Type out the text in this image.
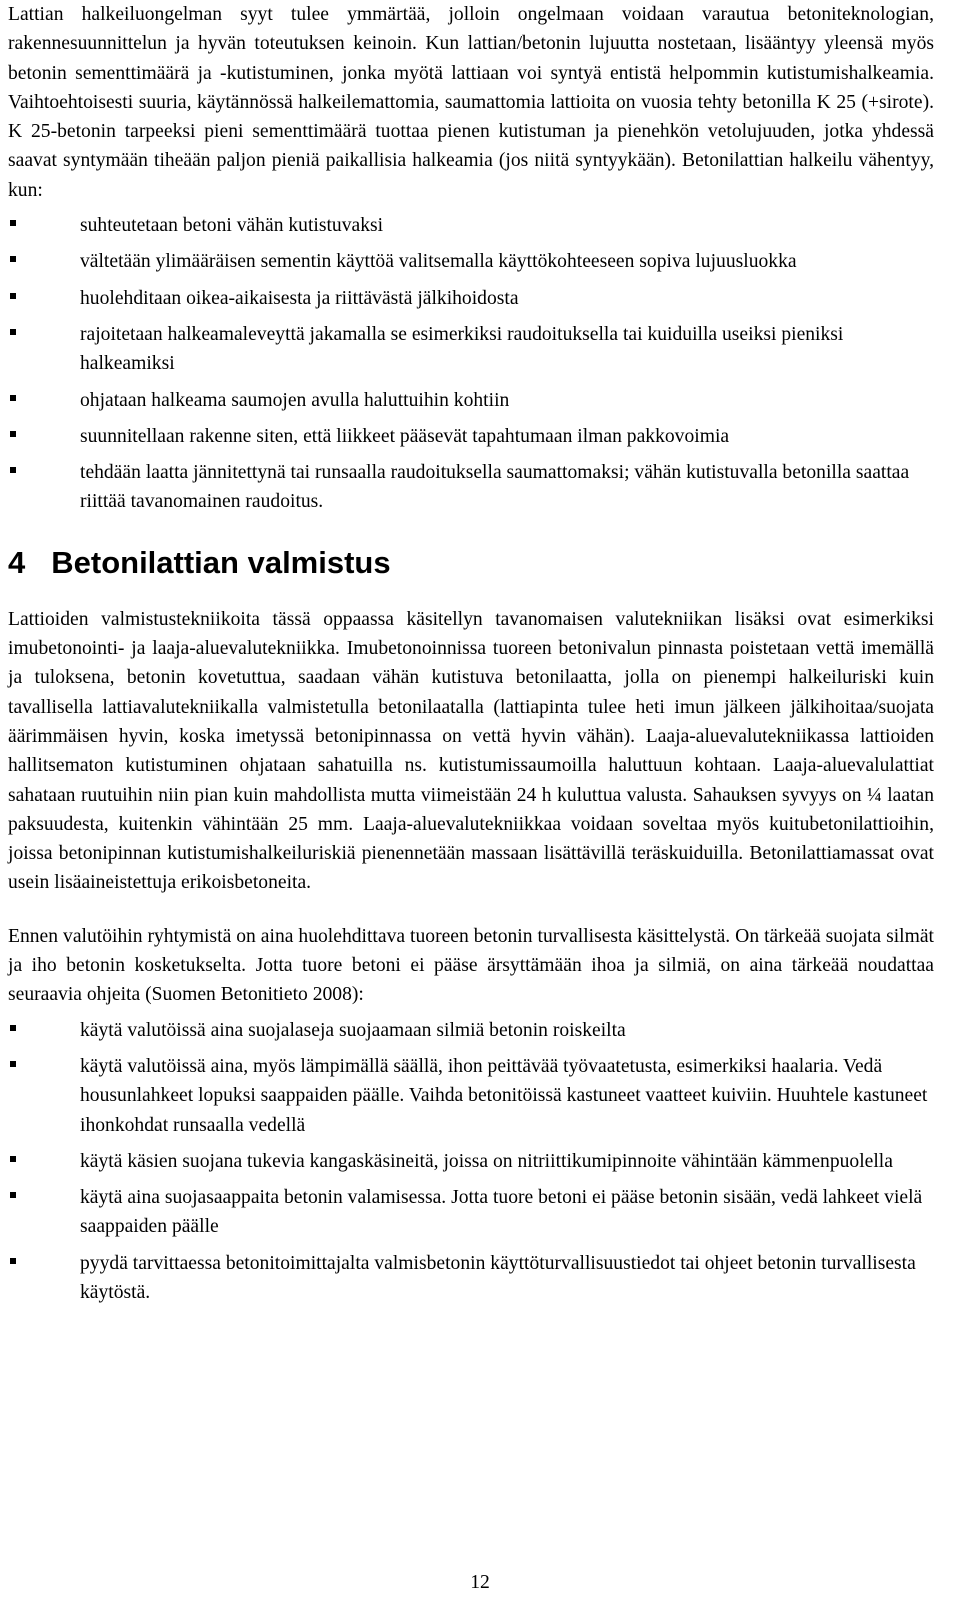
Lattian halkeiluongelman syyt tulee ymmärtää, jolloin ongelmaan voidaan varautua betoniteknologian, rakennesuunnittelun ja hyvän toteutuksen keinoin. Kun lattian/betonin lujuutta nostetaan, lisääntyy yleensä myös betonin sementtimäärä ja -kutistuminen, jonka myötä lattiaan voi syntyä entistä helpommin kutistumishalkeamia. Vaihtoehtoisesti suuria, käytännössä halkeilemattomia, saumattomia lattioita on vuosia tehty betonilla K 25 (+sirote). K 25-betonin tarpeeksi pieni sementtimäärä tuottaa pienen kutistuman ja pienehkön vetolujuuden, jotka yhdessä saavat syntymään tiheään paljon pieniä paikallisia halkeamia (jos niitä syntyykään). Betonilattian halkeilu vähentyy, kun:

suhteutetaan betoni vähän kutistuvaksi
vältetään ylimääräisen sementin käyttöä valitsemalla käyttökohteeseen sopiva lujuusluokka
huolehditaan oikea-aikaisesta ja riittävästä jälkihoidosta
rajoitetaan halkeamaleveyttä jakamalla se esimerkiksi raudoituksella tai kuiduilla useiksi pieniksi halkeamiksi
ohjataan halkeama saumojen avulla haluttuihin kohtiin
suunnitellaan rakenne siten, että liikkeet pääsevät tapahtumaan ilman pakkovoimia
tehdään laatta jännitettynä tai runsaalla raudoituksella saumattomaksi; vähän kutistuvalla betonilla saattaa riittää tavanomainen raudoitus.
4 Betonilattian valmistus

Lattioiden valmistustekniikoita tässä oppaassa käsitellyn tavanomaisen valutekniikan lisäksi ovat esimerkiksi imubetonointi- ja laaja-aluevalutekniikka. Imubetonoinnissa tuoreen betonivalun pinnasta poistetaan vettä imemällä ja tuloksena, betonin kovetuttua, saadaan vähän kutistuva betonilaatta, jolla on pienempi halkeiluriski kuin tavallisella lattiavalutekniikalla valmistetulla betonilaatalla (lattiapinta tulee heti imun jälkeen jälkihoitaa/suojata äärimmäisen hyvin, koska imetyssä betonipinnassa on vettä hyvin vähän). Laaja-aluevalutekniikassa lattioiden hallitsematon kutistuminen ohjataan sahatuilla ns. kutistumissaumoilla haluttuun kohtaan. Laaja-aluevalulattiat sahataan ruutuihin niin pian kuin mahdollista mutta viimeistään 24 h kuluttua valusta. Sahauksen syvyys on ¼ laatan paksuudesta, kuitenkin vähintään 25 mm. Laaja-aluevalutekniikkaa voidaan soveltaa myös kuitubetonilattioihin, joissa betonipinnan kutistumishalkeiluriskiä pienennetään massaan lisättävillä teräskuiduilla. Betonilattiamassat ovat usein lisäaineistettuja erikoisbetoneita.

Ennen valutöihin ryhtymistä on aina huolehdittava tuoreen betonin turvallisesta käsittelystä. On tärkeää suojata silmät ja iho betonin kosketukselta. Jotta tuore betoni ei pääse ärsyttämään ihoa ja silmiä, on aina tärkeää noudattaa seuraavia ohjeita (Suomen Betonitieto 2008):

käytä valutöissä aina suojalaseja suojaamaan silmiä betonin roiskeilta
käytä valutöissä aina, myös lämpimällä säällä, ihon peittävää työvaatetusta, esimerkiksi haalaria. Vedä housunlahkeet lopuksi saappaiden päälle. Vaihda betonitöissä kastuneet vaatteet kuiviin. Huuhtele kastuneet ihonkohdat runsaalla vedellä
käytä käsien suojana tukevia kangaskäsineitä, joissa on nitriittikumipinnoite vähintään kämmenpuolella
käytä aina suojasaappaita betonin valamisessa. Jotta tuore betoni ei pääse betonin sisään, vedä lahkeet vielä saappaiden päälle
pyydä tarvittaessa betonitoimittajalta valmisbetonin käyttöturvallisuustiedot tai ohjeet betonin turvallisesta käytöstä.
12
